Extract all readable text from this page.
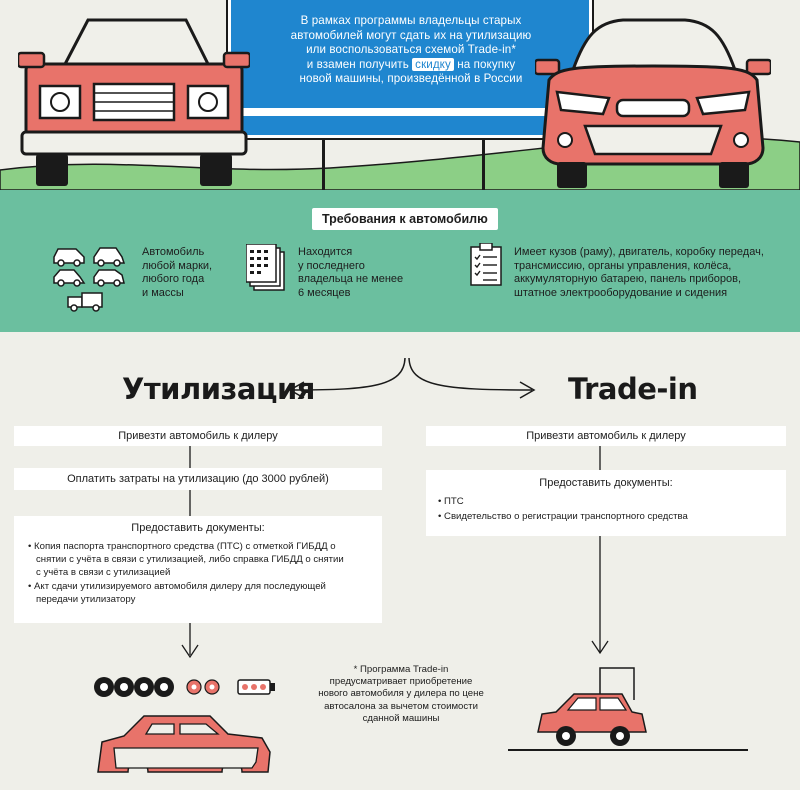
В рамках программы владельцы старых
автомобилей могут сдать их на утилизацию
или воспользоваться схемой Trade-in*
и взамен получить скидку на покупку
новой машины, произведённой в России
Требования к автомобилю
Автомобиль
любой марки,
любого года
и массы
Находится
у последнего
владельца не менее
6 месяцев
Имеет кузов (раму), двигатель, коробку передач,
трансмиссию, органы управления, колёса,
аккумуляторную батарею, панель приборов,
штатное электрооборудование и сидения
Утилизация	Trade-in
Привезти автомобиль к дилеру
Оплатить затраты на утилизацию (до 3000 рублей)
Предоставить документы:
• Копия паспорта транспортного средства (ПТС) с отметкой ГИБДД о снятии с учёта в связи с утилизацией, либо справка ГИБДД о снятии с учёта в связи с утилизацией
• Акт сдачи утилизируемого автомобиля дилеру для последующей передачи утилизатору
Привезти автомобиль к дилеру
Предоставить документы:
• ПТС
• Свидетельство о регистрации транспортного средства
* Программа Trade-in
предусматривает приобретение
нового автомобиля у дилера по цене
автосалона за вычетом стоимости
сданной машины
